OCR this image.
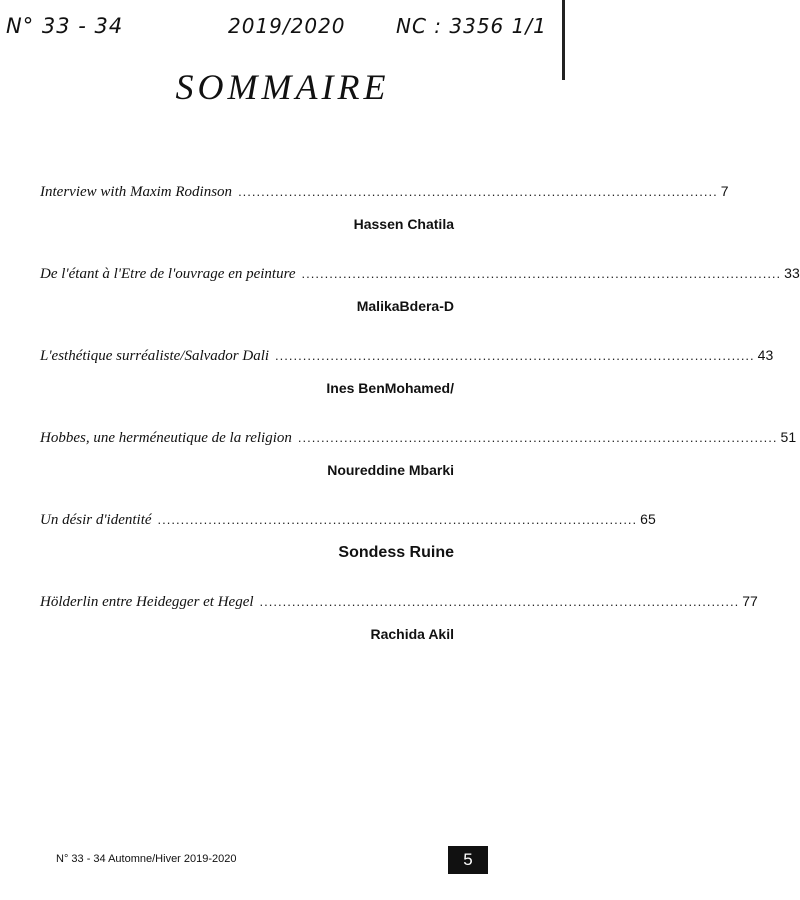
N° 33 - 34	2019/2020	NC : 3356 1/1
SOMMAIRE
Interview with Maxim Rodinson ........................................................................................................ 7
Hassen Chatila
De l'étant à l'Etre de l'ouvrage en peinture ........................................................................................................ 33
MalikaBdera-D
L'esthétique surréaliste/Salvador Dali ........................................................................................................ 43
Ines BenMohamed/
Hobbes, une herméneutique de la religion ........................................................................................................ 51
Noureddine Mbarki
Un désir d'identité ........................................................................................................ 65
Sondess Ruine
Hölderlin entre Heidegger et Hegel ........................................................................................................ 77
Rachida Akil
N° 33 - 34 Automne/Hiver 2019-2020	5
